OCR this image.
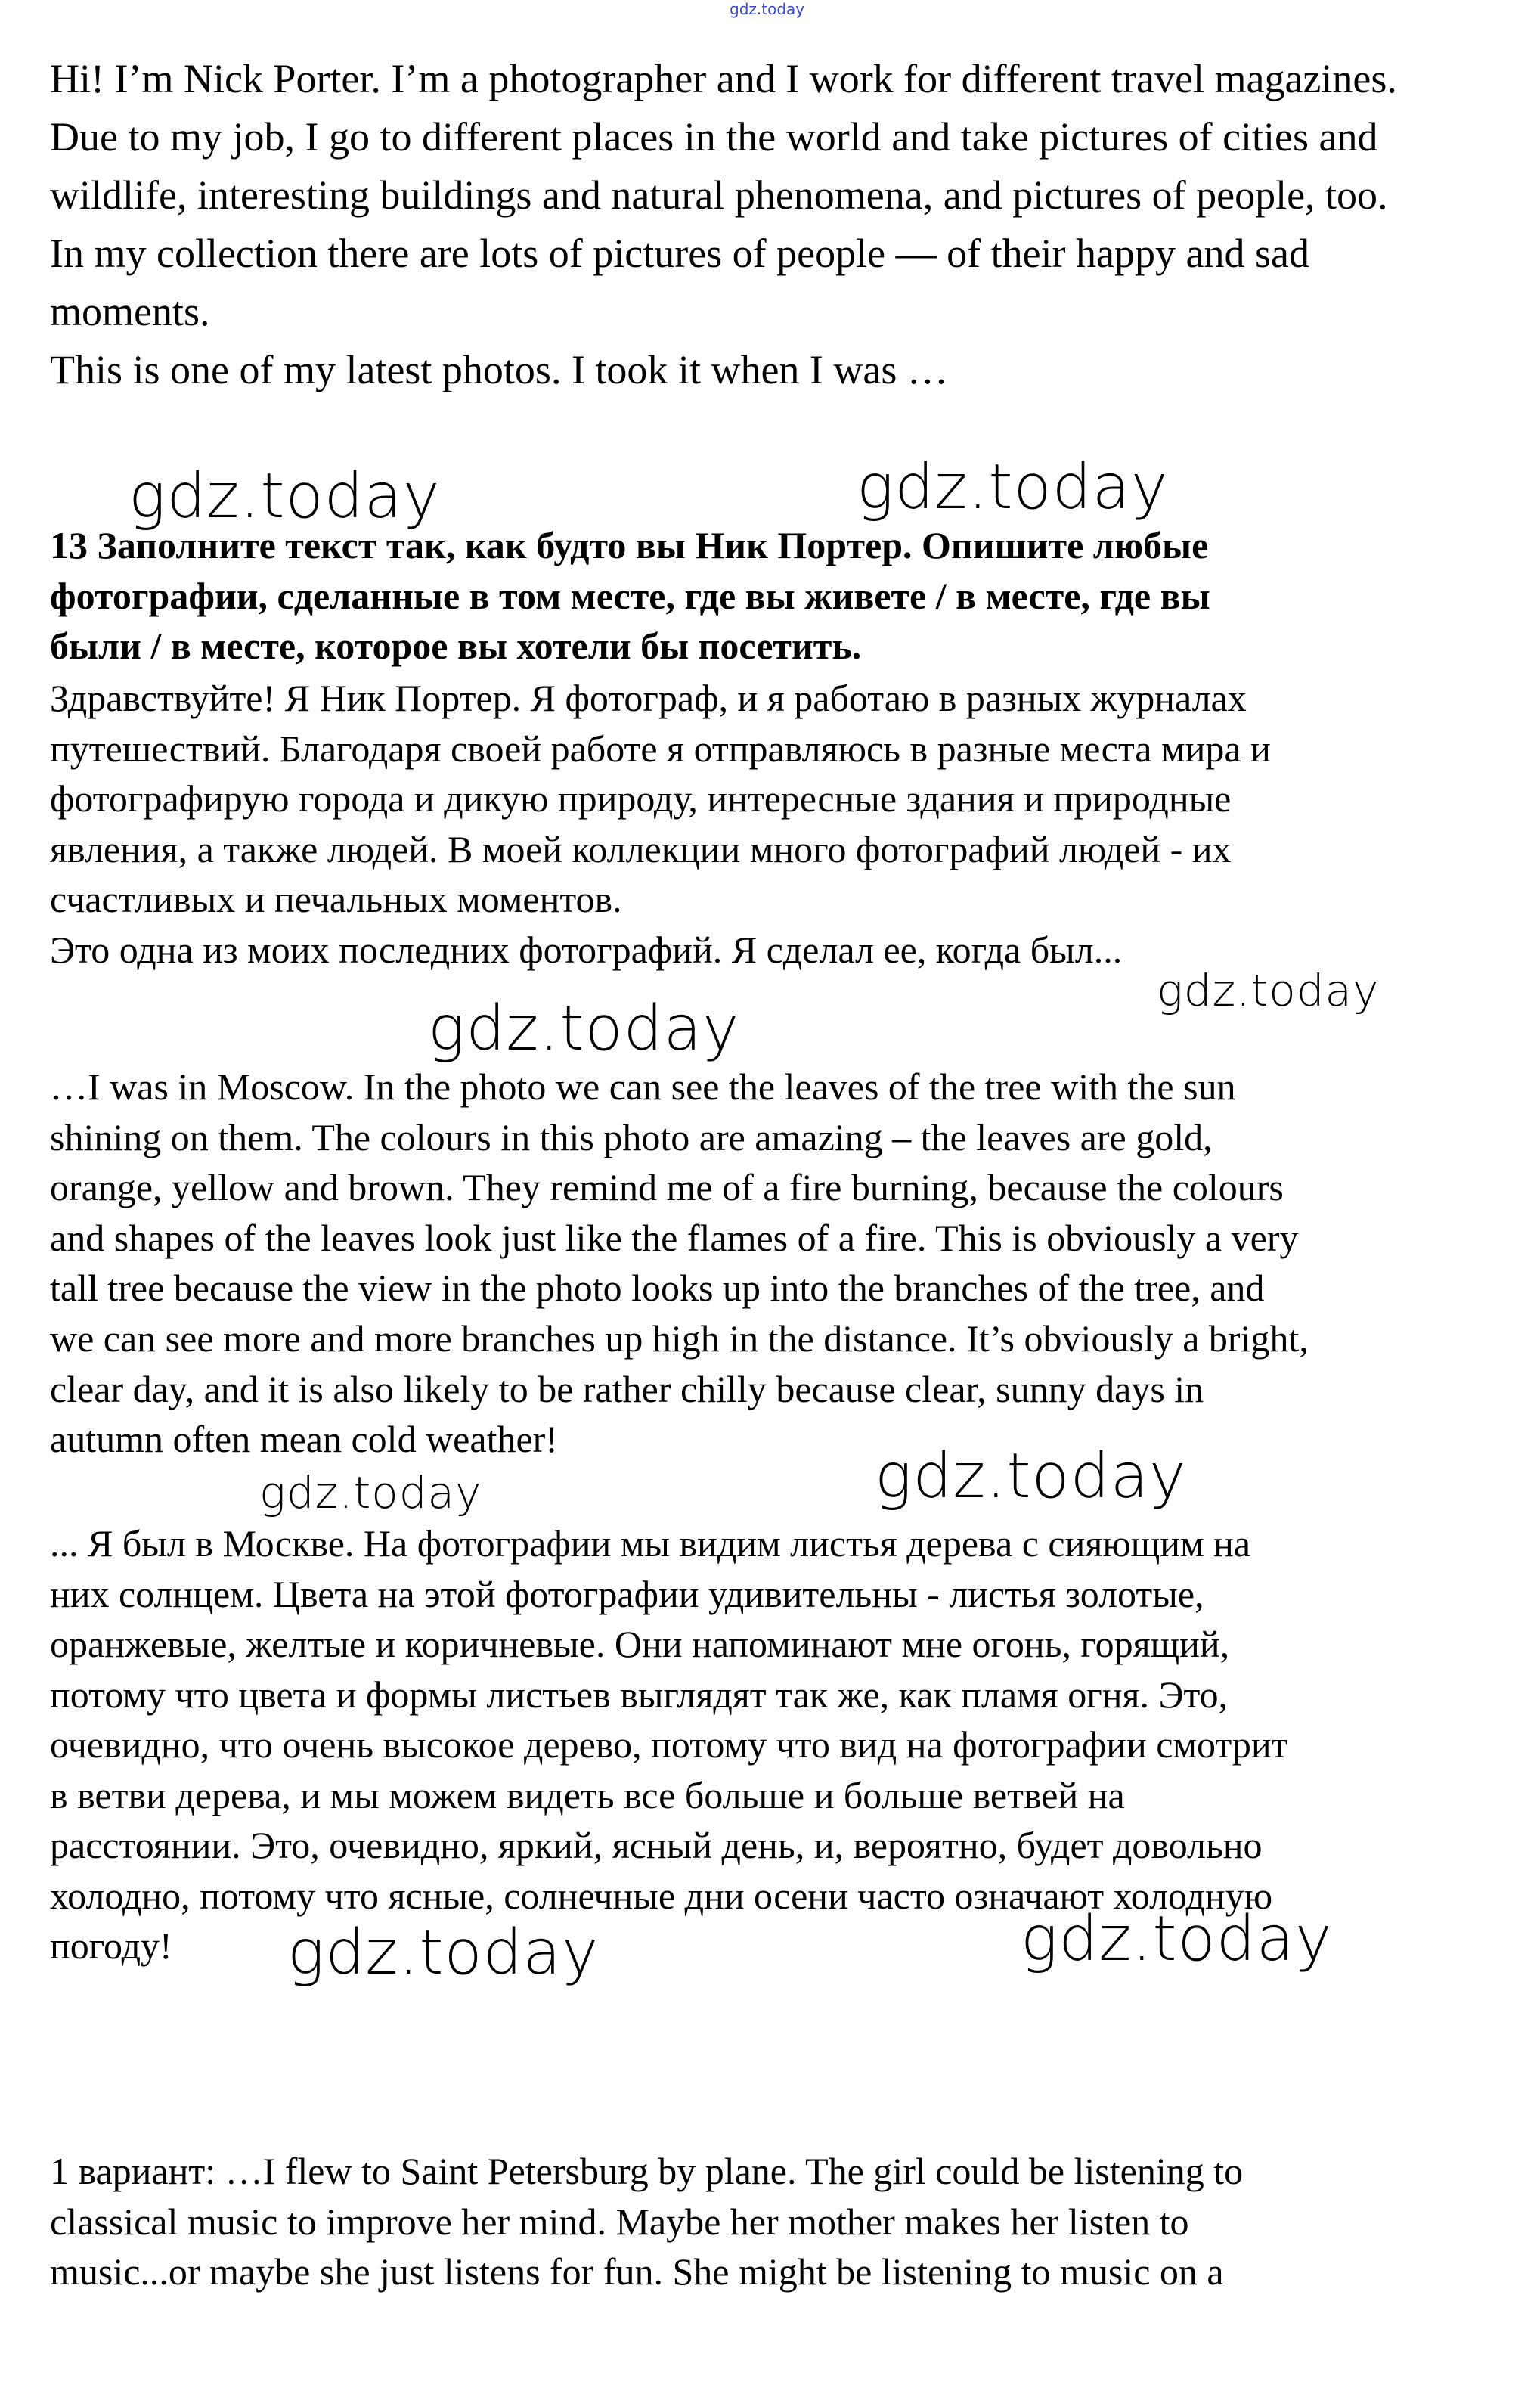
gdz.today
Hi! I’m Nick Porter. I’m a photographer and I work for different travel magazines.
Due to my job, I go to different places in the world and take pictures of cities and
wildlife, interesting buildings and natural phenomena, and pictures of people, too.
In my collection there are lots of pictures of people — of their happy and sad
moments.
This is one of my latest photos. I took it when I was …
gdz.today	gdz.today
13 Заполните текст так, как будто вы Ник Портер. Опишите любые
фотографии, сделанные в том месте, где вы живете / в месте, где вы
были / в месте, которое вы хотели бы посетить.
Здравствуйте! Я Ник Портер. Я фотограф, и я работаю в разных журналах
путешествий. Благодаря своей работе я отправляюсь в разные места мира и
фотографирую города и дикую природу, интересные здания и природные
явления, а также людей. В моей коллекции много фотографий людей - их
счастливых и печальных моментов.
Это одна из моих последних фотографий. Я сделал ее, когда был...
gdz.today
gdz.today
…I was in Moscow. In the photo we can see the leaves of the tree with the sun
shining on them. The colours in this photo are amazing – the leaves are gold,
orange, yellow and brown. They remind me of a fire burning, because the colours
and shapes of the leaves look just like the flames of a fire. This is obviously a very
tall tree because the view in the photo looks up into the branches of the tree, and
we can see more and more branches up high in the distance. It’s obviously a bright,
clear day, and it is also likely to be rather chilly because clear, sunny days in
autumn often mean cold weather!
gdz.today
gdz.today
... Я был в Москве. На фотографии мы видим листья дерева с сияющим на
них солнцем. Цвета на этой фотографии удивительны - листья золотые,
оранжевые, желтые и коричневые. Они напоминают мне огонь, горящий,
потому что цвета и формы листьев выглядят так же, как пламя огня. Это,
очевидно, что очень высокое дерево, потому что вид на фотографии смотрит
в ветви дерева, и мы можем видеть все больше и больше ветвей на
расстоянии. Это, очевидно, яркий, ясный день, и, вероятно, будет довольно
холодно, потому что ясные, солнечные дни осени часто означают холодную
погоду!	gdz.today
gdz.today
1 вариант: …I flew to Saint Petersburg by plane. The girl could be listening to
classical music to improve her mind. Maybe her mother makes her listen to
music...or maybe she just listens for fun. She might be listening to music on a
